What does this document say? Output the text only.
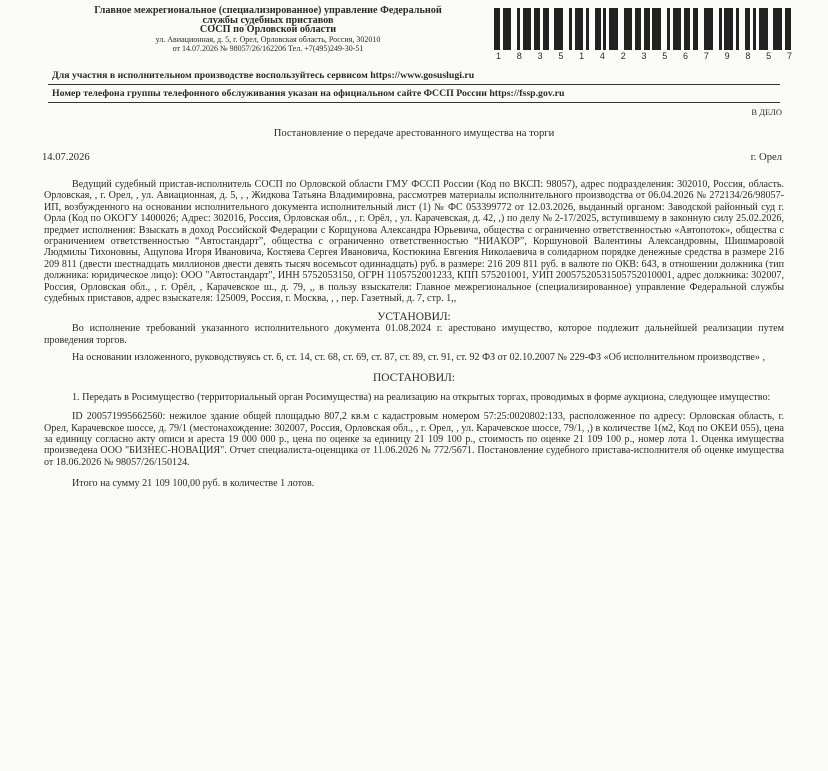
Главное межрегиональное (специализированное) управление Федеральной
службы судебных приставов
СОСП по Орловской области
ул. Авиационная, д. 5, г. Орел, Орловская область, Россия, 302010
от 14.07.2026 № 98057/26/162206 Тел. +7(495)249-30-51
1 8 3 5 1 4 2 3 5 6 7 9 8 5 7
Для участия в исполнительном производстве воспользуйтесь сервисом https://www.gosuslugi.ru
Номер телефона группы телефонного обслуживания указан на официальном сайте ФССП России https://fssp.gov.ru
В ДЕЛО
Постановление о передаче арестованного имущества на торги
14.07.2026	г. Орел
Ведущий судебный пристав-исполнитель СОСП по Орловской области ГМУ ФССП России (Код по ВКСП: 98057), адрес подразделения: 302010, Россия, область. Орловская, , г. Орел, , ул. Авиационная, д. 5, , , Жидкова Татьяна Владимировна, рассмотрев материалы исполнительного производства от 06.04.2026 № 272134/26/98057-ИП, возбужденного на основании исполнительного документа исполнительный лист (1) № ФС 053399772 от 12.03.2026, выданный органом: Заводской районный суд г. Орла (Код по ОКОГУ 1400026; Адрес: 302016, Россия, Орловская обл., , г. Орёл, , ул. Карачевская, д. 42, ,) по делу № 2-17/2025, вступившему в законную силу 25.02.2026, предмет исполнения: Взыскать в доход Российской Федерации с Корщунова Александра Юрьевича, общества с ограниченно ответственностью «Автопоток», общества с ограничением ответственностью “Автостандарт”, общества с ограниченно ответственностью “НИАКОР”, Коршуновой Валентины Александровны, Шишмаровой Людмилы Тихоновны, Ащупова Игоря Ивановича, Костяева Сергея Ивановича, Костюкина Евгения Николаевича в солидарном порядке денежные средства в размере 216 209 811 (двести шестнадцать миллионов двести девять тысяч восемьсот одиннадцать) руб. в размере: 216 209 811 руб. в валюте по ОКВ: 643, в отношении должника (тип должника: юридическое лицо): ООО "Автостандарт", ИНН 5752053150, ОГРН 1105752001233, КПП 575201001, УИП 20057520531505752010001, адрес должника: 302007, Россия, Орловская обл., , г. Орёл, , Карачевское ш., д. 79, ,, в пользу взыскателя: Главное межрегиональное (специализированное) управление Федеральной службы судебных приставов, адрес взыскателя: 125009, Россия, г. Москва, , , пер. Газетный, д. 7, стр. 1,,
УСТАНОВИЛ:
Во исполнение требований указанного исполнительного документа 01.08.2024 г. арестовано имущество, которое подлежит дальнейшей реализации путем проведения торгов.
На основании изложенного, руководствуясь ст. 6, ст. 14, ст. 68, ст. 69, ст. 87, ст. 89, ст. 91, ст. 92 ФЗ от 02.10.2007 № 229-ФЗ «Об исполнительном производстве» ,
ПОСТАНОВИЛ:
1. Передать в Росимущество (территориальный орган Росимущества) на реализацию на открытых торгах, проводимых в форме аукциона, следующее имущество:
ID 200571995662560: нежилое здание общей площадью 807,2 кв.м с кадастровым номером 57:25:0020802:133, расположенное по адресу: Орловская область, г. Орел, Карачевское шоссе, д. 79/1 (местонахождение: 302007, Россия, Орловская обл., , г. Орел, , ул. Карачевское шоссе, 79/1, ,) в количестве 1(м2, Код по ОКЕИ 055), цена за единицу согласно акту описи и ареста 19 000 000 р., цена по оценке за единицу 21 109 100 р., стоимость по оценке 21 109 100 р., номер лота 1. Оценка имущества произведена ООО "БИЗНЕС-НОВАЦИЯ". Отчет специалиста-оценщика от 11.06.2026 № 772/5671. Постановление судебного пристава-исполнителя об оценке имущества от 18.06.2026 № 98057/26/150124.
Итого на сумму 21 109 100,00 руб. в количестве 1 лотов.
